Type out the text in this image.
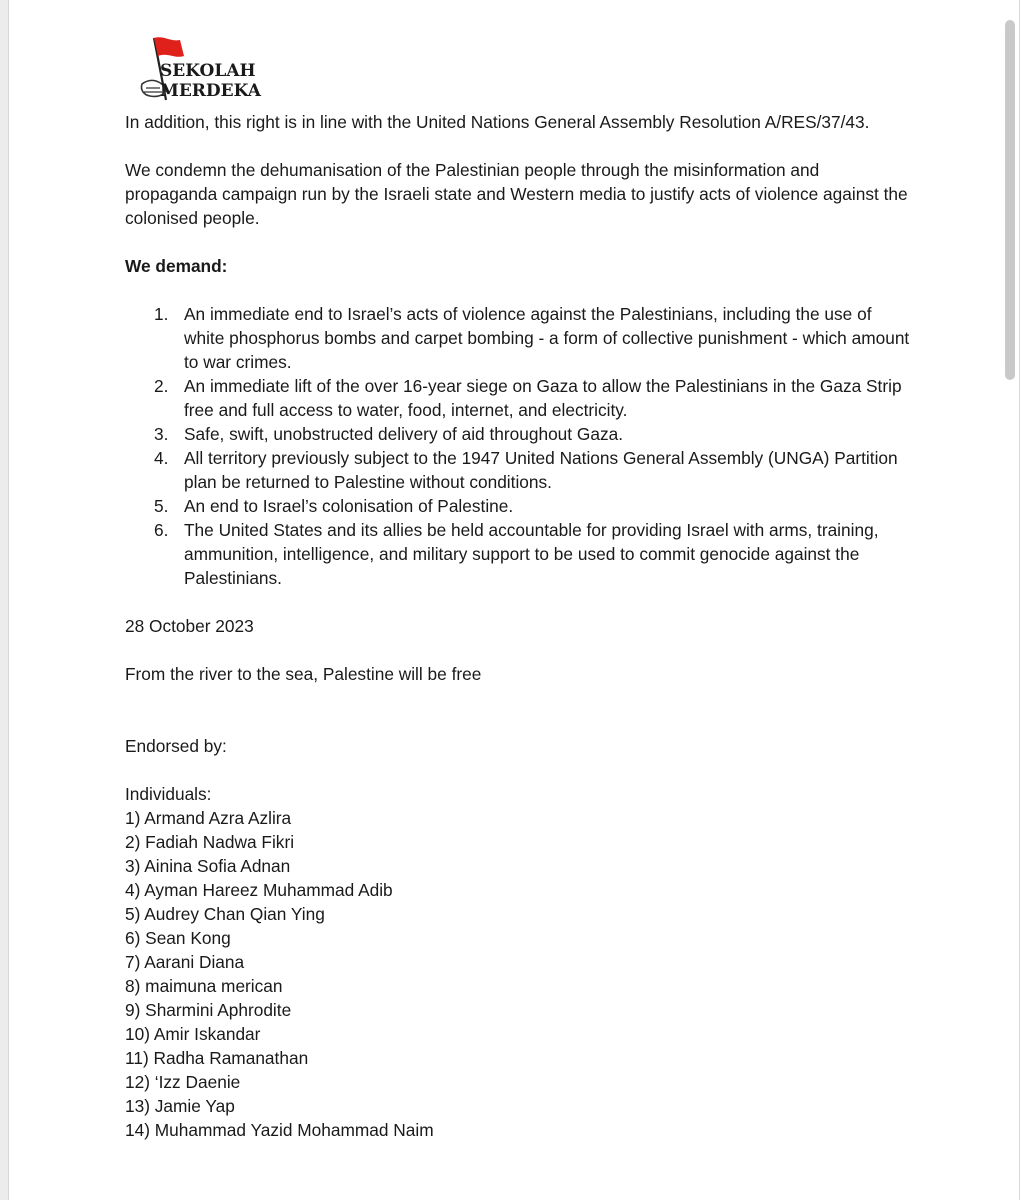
SEKOLAH
MERDEKA

In addition, this right is in line with the United Nations General Assembly Resolution A/RES/37/43.

We condemn the dehumanisation of the Palestinian people through the misinformation and propaganda campaign run by the Israeli state and Western media to justify acts of violence against the colonised people.

We demand:

1. An immediate end to Israel’s acts of violence against the Palestinians, including the use of white phosphorus bombs and carpet bombing - a form of collective punishment - which amount to war crimes.
2. An immediate lift of the over 16-year siege on Gaza to allow the Palestinians in the Gaza Strip free and full access to water, food, internet, and electricity.
3. Safe, swift, unobstructed delivery of aid throughout Gaza.
4. All territory previously subject to the 1947 United Nations General Assembly (UNGA) Partition plan be returned to Palestine without conditions.
5. An end to Israel’s colonisation of Palestine.
6. The United States and its allies be held accountable for providing Israel with arms, training, ammunition, intelligence, and military support to be used to commit genocide against the Palestinians.

28 October 2023

From the river to the sea, Palestine will be free

Endorsed by:

Individuals:

1) Armand Azra Azlira
2) Fadiah Nadwa Fikri
3) Ainina Sofia Adnan
4) Ayman Hareez Muhammad Adib
5) Audrey Chan Qian Ying
6) Sean Kong
7) Aarani Diana
8) maimuna merican
9) Sharmini Aphrodite
10) Amir Iskandar
11) Radha Ramanathan
12) ‘Izz Daenie
13) Jamie Yap
14) Muhammad Yazid Mohammad Naim
